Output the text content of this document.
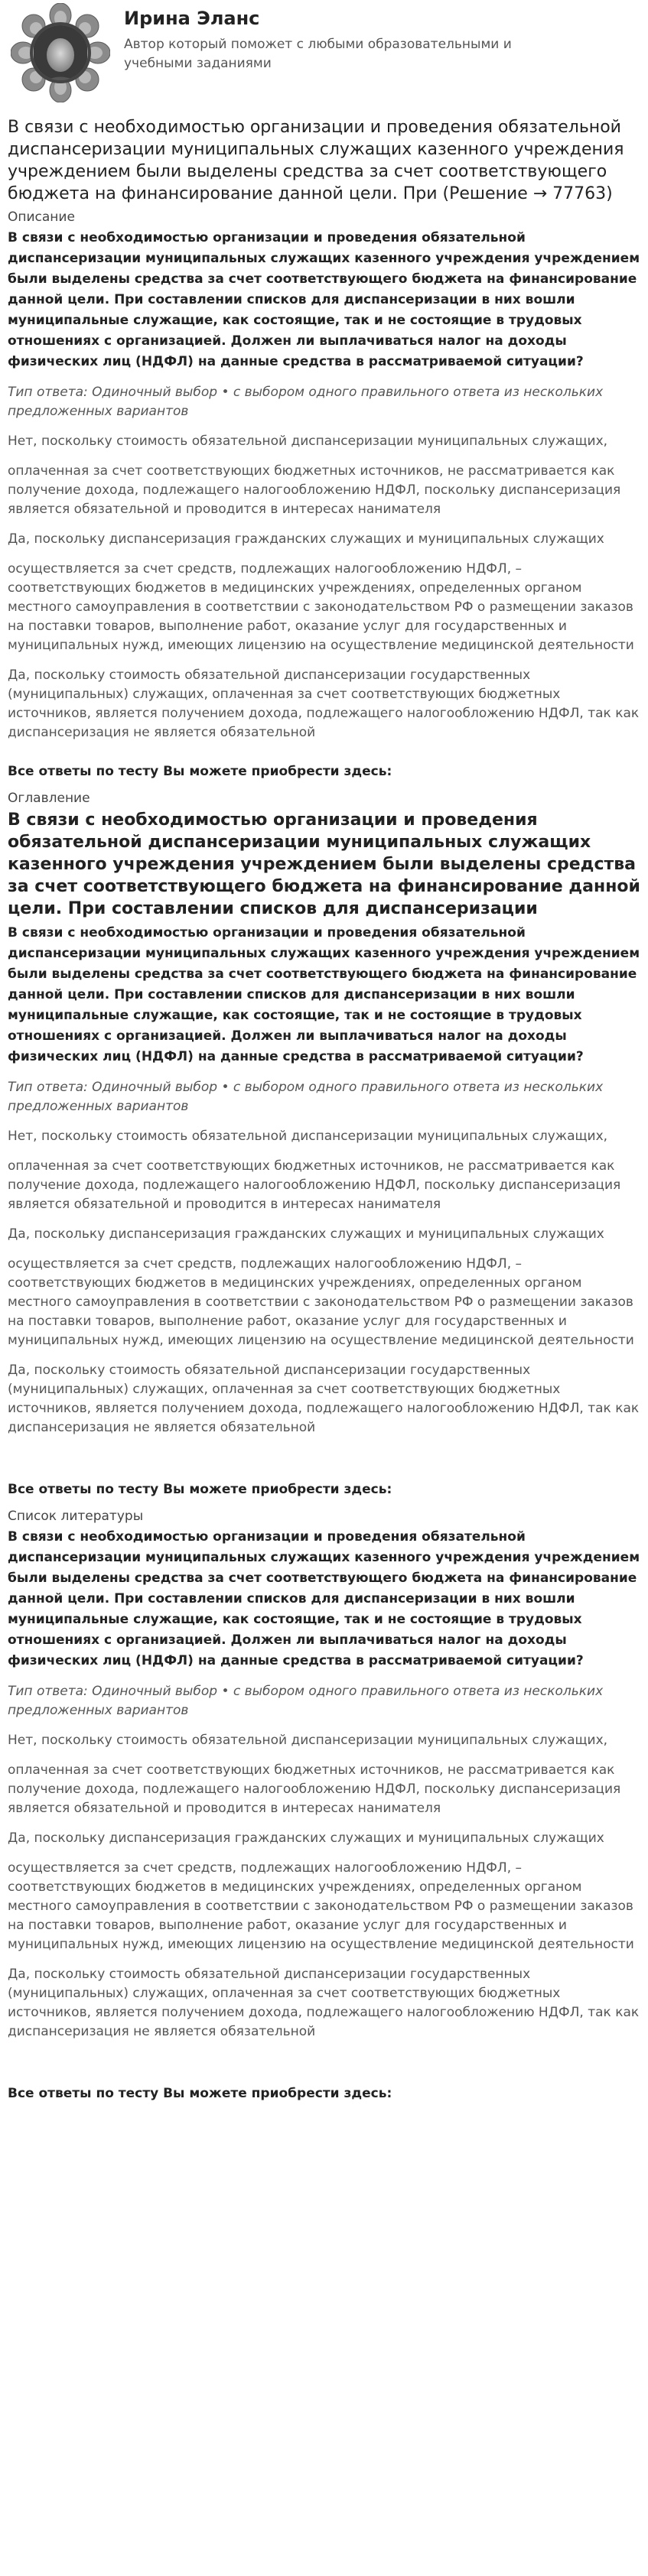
Ирина Эланс
Автор который поможет с любыми образовательными и учебными заданиями
В связи с необходимостью организации и проведения обязательной диспансеризации муниципальных служащих казенного учреждения учреждением были выделены средства за счет соответствующего бюджета на финансирование данной цели. При (Решение → 77763)
Описание
В связи с необходимостью организации и проведения обязательной диспансеризации муниципальных служащих казенного учреждения учреждением были выделены средства за счет соответствующего бюджета на финансирование данной цели. При составлении списков для диспансеризации в них вошли муниципальные служащие, как состоящие, так и не состоящие в трудовых отношениях с организацией. Должен ли выплачиваться налог на доходы физических лиц (НДФЛ) на данные средства в рассматриваемой ситуации?
Тип ответа: Одиночный выбор • с выбором одного правильного ответа из нескольких предложенных вариантов
Нет, поскольку стоимость обязательной диспансеризации муниципальных служащих,
оплаченная за счет соответствующих бюджетных источников, не рассматривается как получение дохода, подлежащего налогообложению НДФЛ, поскольку диспансеризация является обязательной и проводится в интересах нанимателя
Да, поскольку диспансеризация гражданских служащих и муниципальных служащих
осуществляется за счет средств, подлежащих налогообложению НДФЛ, – соответствующих бюджетов в медицинских учреждениях, определенных органом местного самоуправления в соответствии с законодательством РФ о размещении заказов на поставки товаров, выполнение работ, оказание услуг для государственных и муниципальных нужд, имеющих лицензию на осуществление медицинской деятельности
Да, поскольку стоимость обязательной диспансеризации государственных (муниципальных) служащих, оплаченная за счет соответствующих бюджетных источников, является получением дохода, подлежащего налогообложению НДФЛ, так как диспансеризация не является обязательной
Все ответы по тесту Вы можете приобрести здесь:
Оглавление
В связи с необходимостью организации и проведения обязательной диспансеризации муниципальных служащих казенного учреждения учреждением были выделены средства за счет соответствующего бюджета на финансирование данной цели. При составлении списков для диспансеризации
В связи с необходимостью организации и проведения обязательной диспансеризации муниципальных служащих казенного учреждения учреждением были выделены средства за счет соответствующего бюджета на финансирование данной цели. При составлении списков для диспансеризации в них вошли муниципальные служащие, как состоящие, так и не состоящие в трудовых отношениях с организацией. Должен ли выплачиваться налог на доходы физических лиц (НДФЛ) на данные средства в рассматриваемой ситуации?
Тип ответа: Одиночный выбор • с выбором одного правильного ответа из нескольких предложенных вариантов
Нет, поскольку стоимость обязательной диспансеризации муниципальных служащих,
оплаченная за счет соответствующих бюджетных источников, не рассматривается как получение дохода, подлежащего налогообложению НДФЛ, поскольку диспансеризация является обязательной и проводится в интересах нанимателя
Да, поскольку диспансеризация гражданских служащих и муниципальных служащих
осуществляется за счет средств, подлежащих налогообложению НДФЛ, – соответствующих бюджетов в медицинских учреждениях, определенных органом местного самоуправления в соответствии с законодательством РФ о размещении заказов на поставки товаров, выполнение работ, оказание услуг для государственных и муниципальных нужд, имеющих лицензию на осуществление медицинской деятельности
Да, поскольку стоимость обязательной диспансеризации государственных (муниципальных) служащих, оплаченная за счет соответствующих бюджетных источников, является получением дохода, подлежащего налогообложению НДФЛ, так как диспансеризация не является обязательной
Все ответы по тесту Вы можете приобрести здесь:
Список литературы
В связи с необходимостью организации и проведения обязательной диспансеризации муниципальных служащих казенного учреждения учреждением были выделены средства за счет соответствующего бюджета на финансирование данной цели. При составлении списков для диспансеризации в них вошли муниципальные служащие, как состоящие, так и не состоящие в трудовых отношениях с организацией. Должен ли выплачиваться налог на доходы физических лиц (НДФЛ) на данные средства в рассматриваемой ситуации?
Тип ответа: Одиночный выбор • с выбором одного правильного ответа из нескольких предложенных вариантов
Нет, поскольку стоимость обязательной диспансеризации муниципальных служащих,
оплаченная за счет соответствующих бюджетных источников, не рассматривается как получение дохода, подлежащего налогообложению НДФЛ, поскольку диспансеризация является обязательной и проводится в интересах нанимателя
Да, поскольку диспансеризация гражданских служащих и муниципальных служащих
осуществляется за счет средств, подлежащих налогообложению НДФЛ, – соответствующих бюджетов в медицинских учреждениях, определенных органом местного самоуправления в соответствии с законодательством РФ о размещении заказов на поставки товаров, выполнение работ, оказание услуг для государственных и муниципальных нужд, имеющих лицензию на осуществление медицинской деятельности
Да, поскольку стоимость обязательной диспансеризации государственных (муниципальных) служащих, оплаченная за счет соответствующих бюджетных источников, является получением дохода, подлежащего налогообложению НДФЛ, так как диспансеризация не является обязательной
Все ответы по тесту Вы можете приобрести здесь:
